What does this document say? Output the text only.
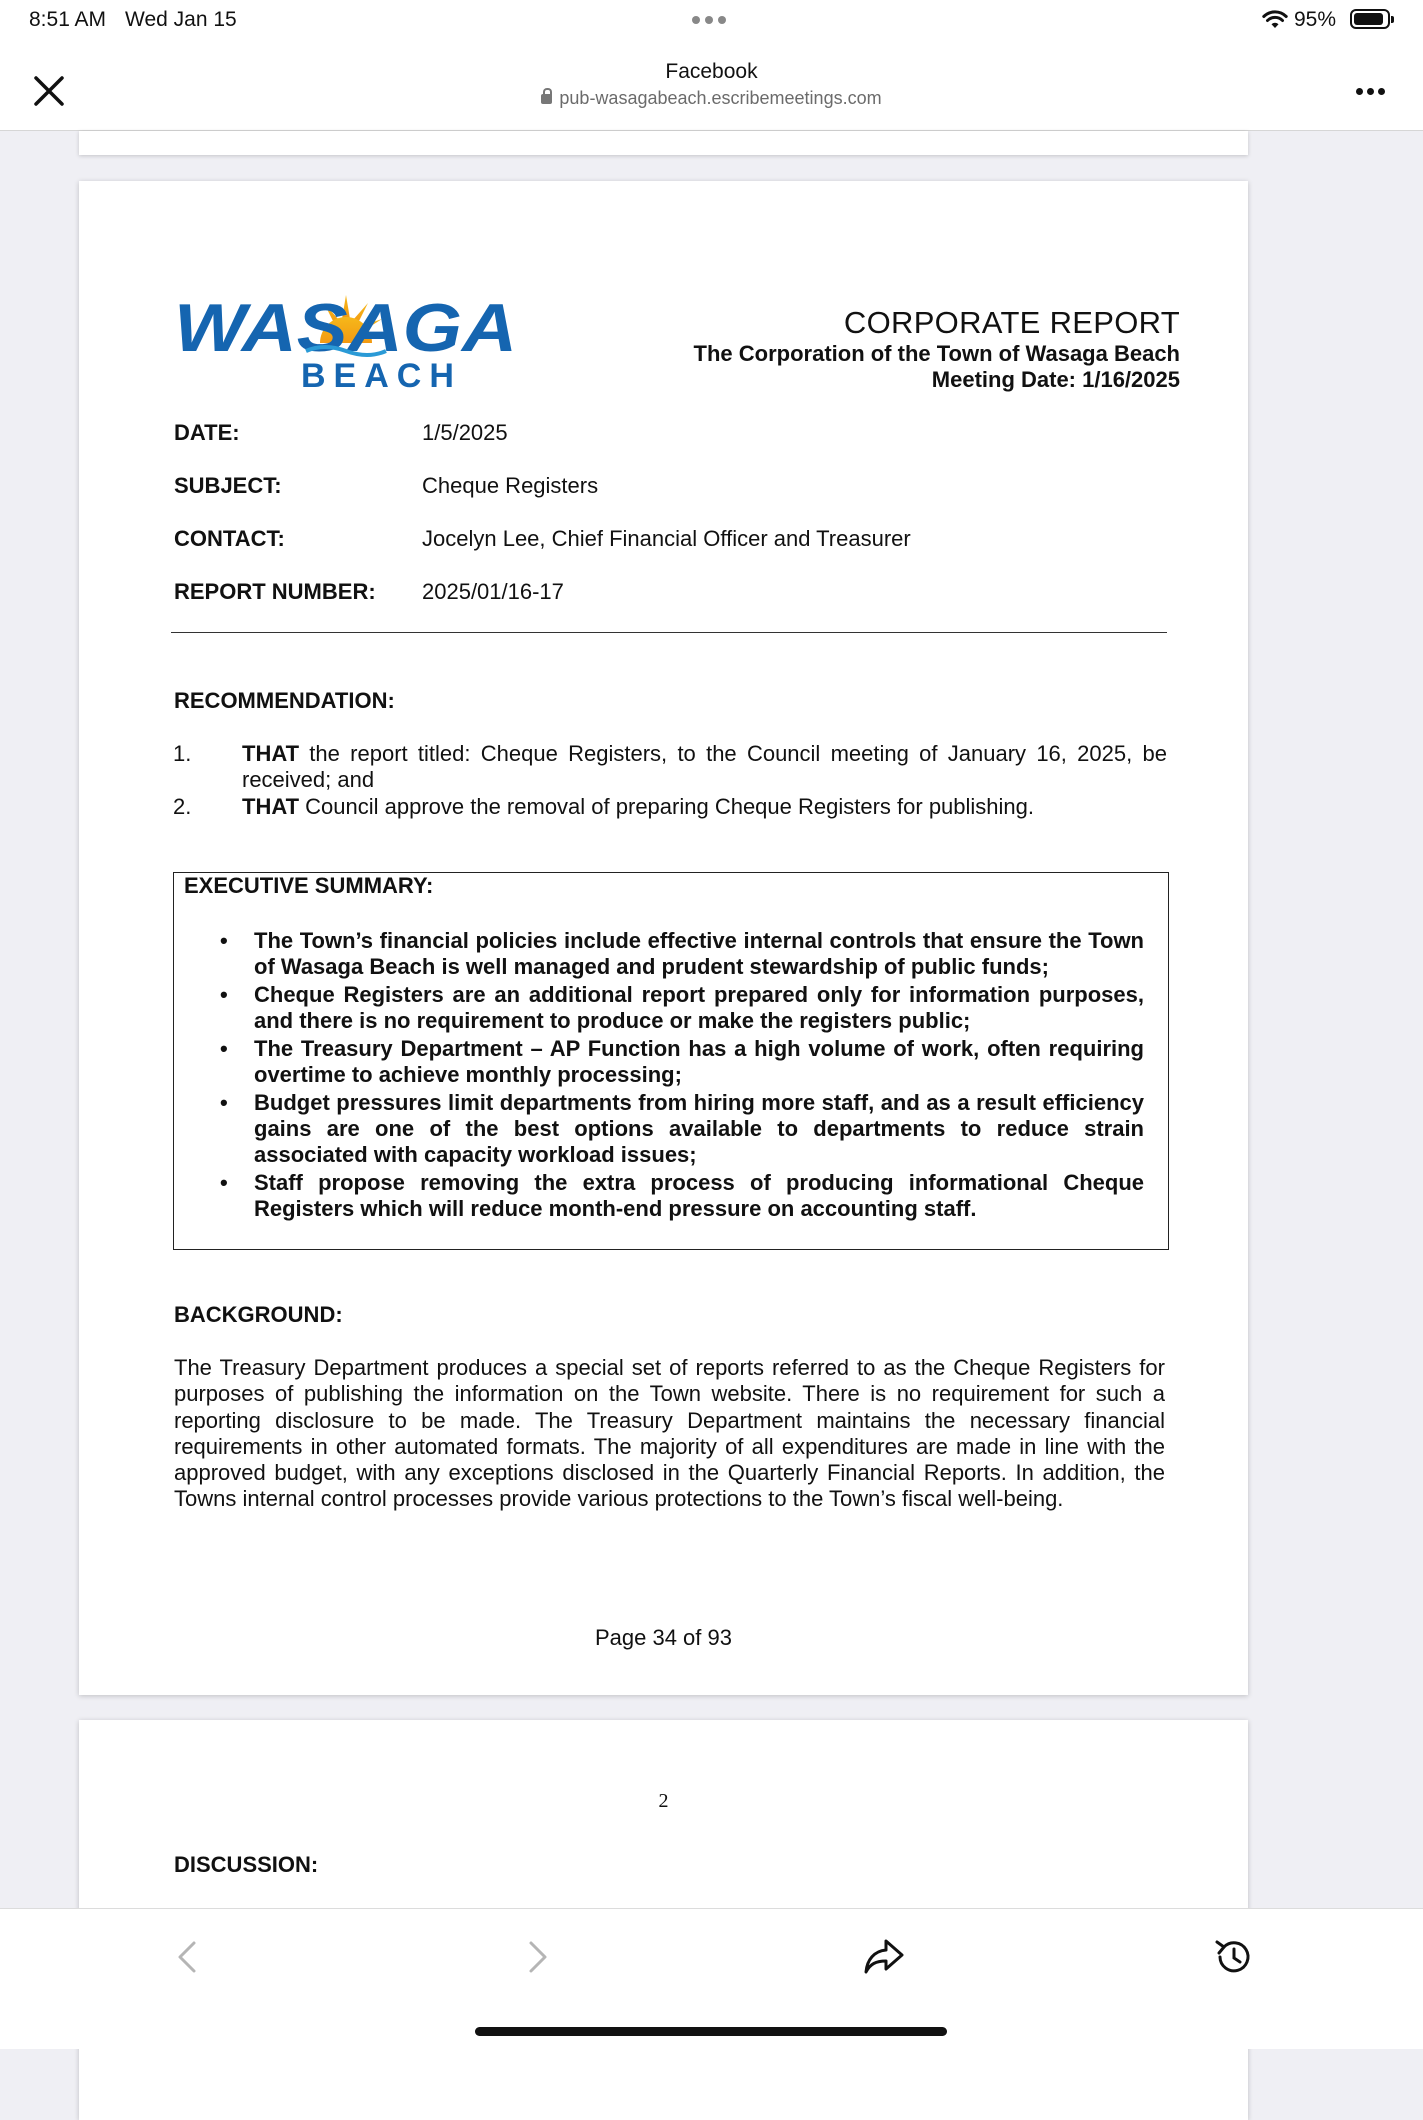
8:51 AM Wed Jan 15	95%
Facebook
pub-wasagabeach.escribemeetings.com
WASAGA
BEACH
CORPORATE REPORT
The Corporation of the Town of Wasaga Beach
Meeting Date: 1/16/2025
DATE:	1/5/2025
SUBJECT:	Cheque Registers
CONTACT:	Jocelyn Lee, Chief Financial Officer and Treasurer
REPORT NUMBER: 2025/01/16-17
RECOMMENDATION:
1. THAT the report titled: Cheque Registers, to the Council meeting of January 16, 2025, be received; and
2. THAT Council approve the removal of preparing Cheque Registers for publishing.
EXECUTIVE SUMMARY:
• The Town’s financial policies include effective internal controls that ensure the Town of Wasaga Beach is well managed and prudent stewardship of public funds;
• Cheque Registers are an additional report prepared only for information purposes, and there is no requirement to produce or make the registers public;
• The Treasury Department – AP Function has a high volume of work, often requiring overtime to achieve monthly processing;
• Budget pressures limit departments from hiring more staff, and as a result efficiency gains are one of the best options available to departments to reduce strain associated with capacity workload issues;
• Staff propose removing the extra process of producing informational Cheque Registers which will reduce month-end pressure on accounting staff.
BACKGROUND:
The Treasury Department produces a special set of reports referred to as the Cheque Registers for purposes of publishing the information on the Town website. There is no requirement for such a reporting disclosure to be made. The Treasury Department maintains the necessary financial requirements in other automated formats. The majority of all expenditures are made in line with the approved budget, with any exceptions disclosed in the Quarterly Financial Reports. In addition, the Towns internal control processes provide various protections to the Town’s fiscal well-being.
Page 34 of 93
2
DISCUSSION:
